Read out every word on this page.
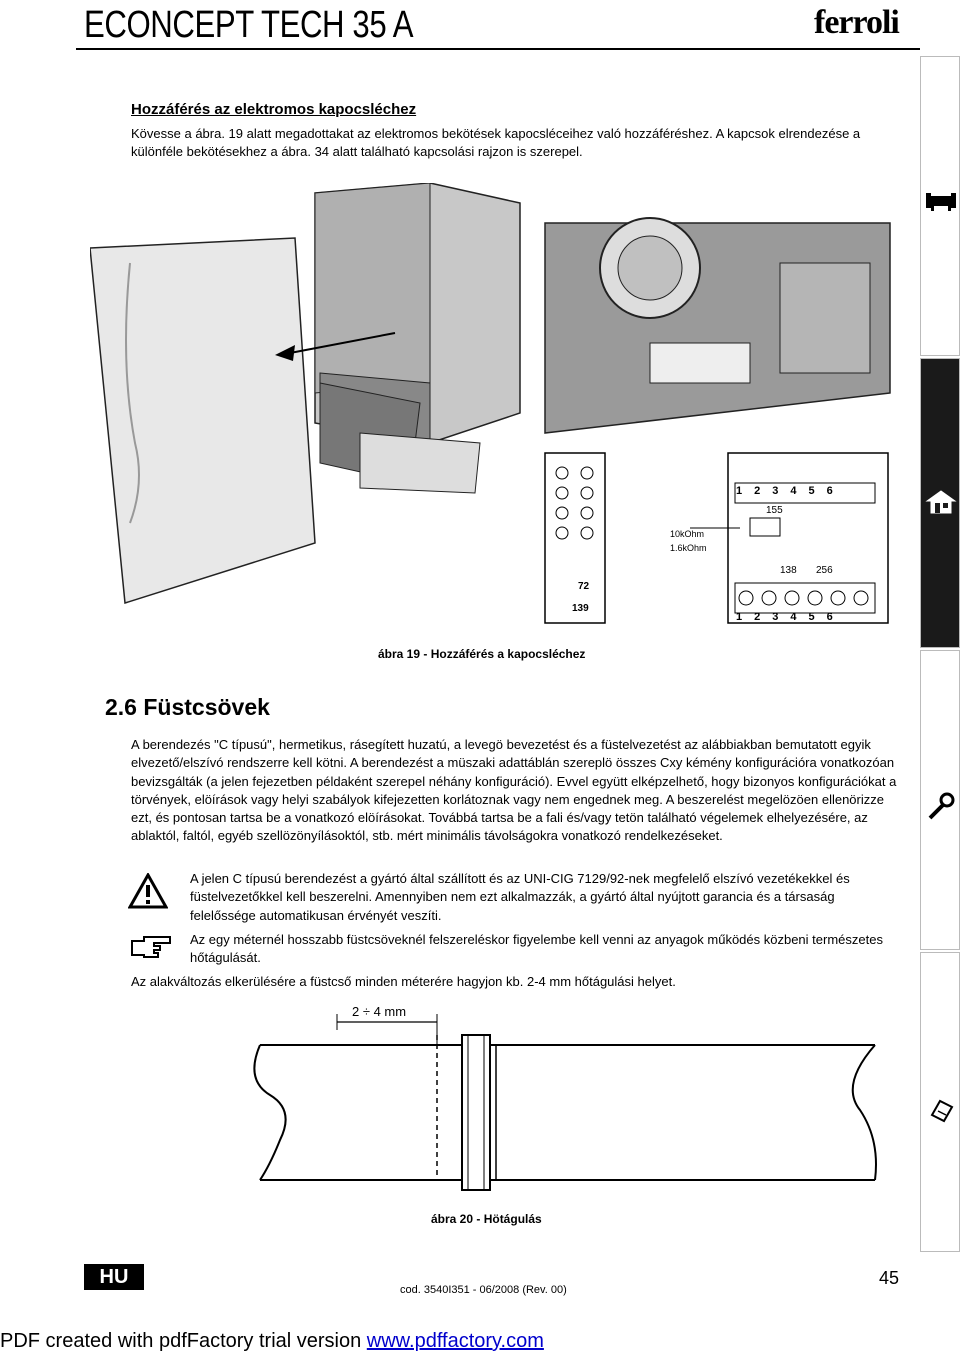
ECONCEPT TECH 35 A	ferroli
Hozzáférés az elektromos kapocsléchez
Kövesse a ábra. 19 alatt megadottakat az elektromos bekötések kapocsléceihez való hozzáféréshez. A kapcsok elrendezése a különféle bekötésekhez a ábra. 34 alatt található kapcsolási rajzon is szerepel.
72
139
155
10kOhm
1.6kOhm
138 256
123456
123456
ábra 19 - Hozzáférés a kapocsléchez
2.6 Füstcsövek
A berendezés "C típusú", hermetikus, rásegített huzatú, a levegö bevezetést és a füstelvezetést az alábbiakban bemutatott egyik elvezető/elszívó rendszerre kell kötni. A berendezést a müszaki adattáblán szereplö összes Cxy kémény konfigurációra vonatkozóan bevizsgálták (a jelen fejezetben példaként szerepel néhány konfiguráció). Evvel együtt elképzelhető, hogy bizonyos konfigurációkat a törvények, elöírások vagy helyi szabályok kifejezetten korlátoznak vagy nem engednek meg. A beszerelést megelözöen ellenörizze ezt, és pontosan tartsa be a vonatkozó elöírásokat. Továbbá tartsa be a fali és/vagy tetön található végelemek elhelyezésére, az ablaktól, faltól, egyéb szellözönyílásoktól, stb. mért minimális távolságokra vonatkozó rendelkezéseket.
A jelen C típusú berendezést a gyártó által szállított és az UNI-CIG 7129/92-nek megfelelő elszívó vezetékekkel és füstelvezetőkkel kell beszerelni. Amennyiben nem ezt alkalmazzák, a gyártó által nyújtott garancia és a társaság felelőssége automatikusan érvényét veszíti.
Az egy méternél hosszabb füstcsöveknél felszereléskor figyelembe kell venni az anyagok működés közbeni természetes hőtágulását.
Az alakváltozás elkerülésére a füstcső minden méterére hagyjon kb. 2-4 mm hőtágulási helyet.
2 ÷ 4 mm
ábra 20 - Hötágulás
HU
cod. 3540I351 - 06/2008 (Rev. 00)
45
PDF created with pdfFactory trial version www.pdffactory.com
